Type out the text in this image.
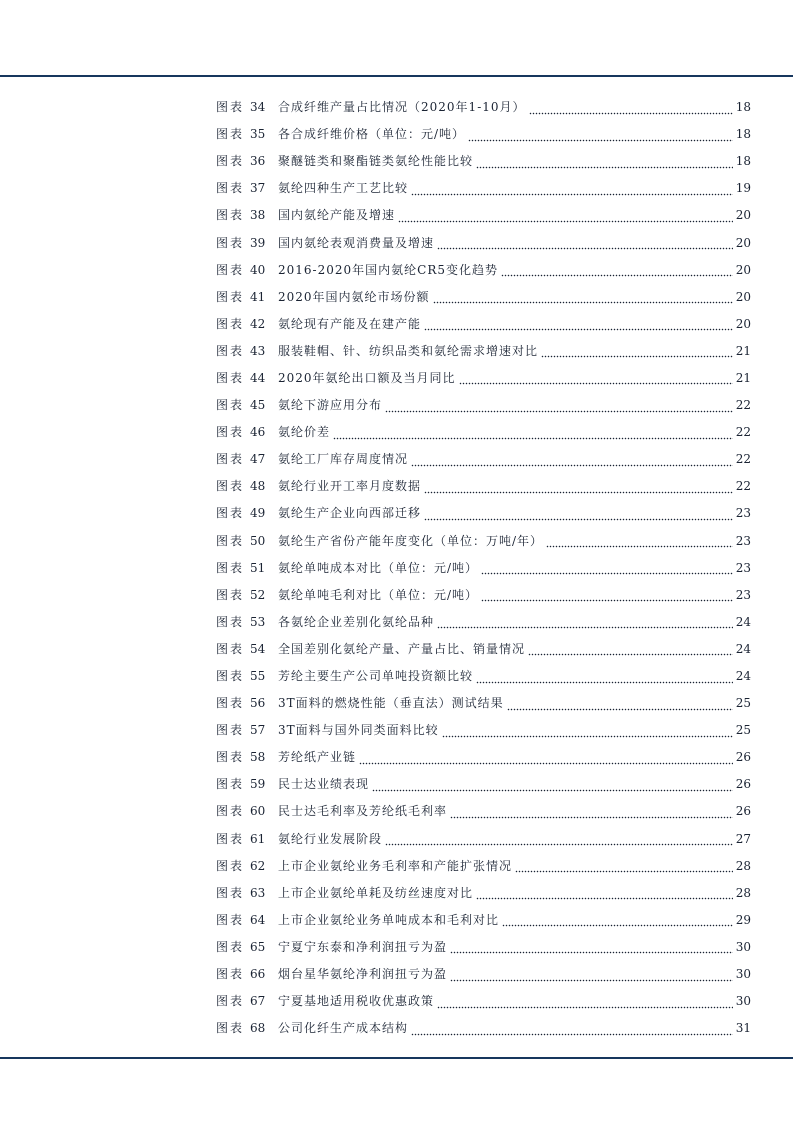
图表 34	合成纤维产量占比情况（2020年1-10月）	18
图表 35	各合成纤维价格（单位：元/吨）	18
图表 36	聚醚链类和聚酯链类氨纶性能比较	18
图表 37	氨纶四种生产工艺比较	19
图表 38	国内氨纶产能及增速	20
图表 39	国内氨纶表观消费量及增速	20
图表 40	2016-2020年国内氨纶CR5变化趋势	20
图表 41	2020年国内氨纶市场份额	20
图表 42	氨纶现有产能及在建产能	20
图表 43	服装鞋帽、针、纺织品类和氨纶需求增速对比	21
图表 44	2020年氨纶出口额及当月同比	21
图表 45	氨纶下游应用分布	22
图表 46	氨纶价差	22
图表 47	氨纶工厂库存周度情况	22
图表 48	氨纶行业开工率月度数据	22
图表 49	氨纶生产企业向西部迁移	23
图表 50	氨纶生产省份产能年度变化（单位：万吨/年）	23
图表 51	氨纶单吨成本对比（单位：元/吨）	23
图表 52	氨纶单吨毛利对比（单位：元/吨）	23
图表 53	各氨纶企业差别化氨纶品种	24
图表 54	全国差别化氨纶产量、产量占比、销量情况	24
图表 55	芳纶主要生产公司单吨投资额比较	24
图表 56	3T面料的燃烧性能（垂直法）测试结果	25
图表 57	3T面料与国外同类面料比较	25
图表 58	芳纶纸产业链	26
图表 59	民士达业绩表现	26
图表 60	民士达毛利率及芳纶纸毛利率	26
图表 61	氨纶行业发展阶段	27
图表 62	上市企业氨纶业务毛利率和产能扩张情况	28
图表 63	上市企业氨纶单耗及纺丝速度对比	28
图表 64	上市企业氨纶业务单吨成本和毛利对比	29
图表 65	宁夏宁东泰和净利润扭亏为盈	30
图表 66	烟台星华氨纶净利润扭亏为盈	30
图表 67	宁夏基地适用税收优惠政策	30
图表 68	公司化纤生产成本结构	31
